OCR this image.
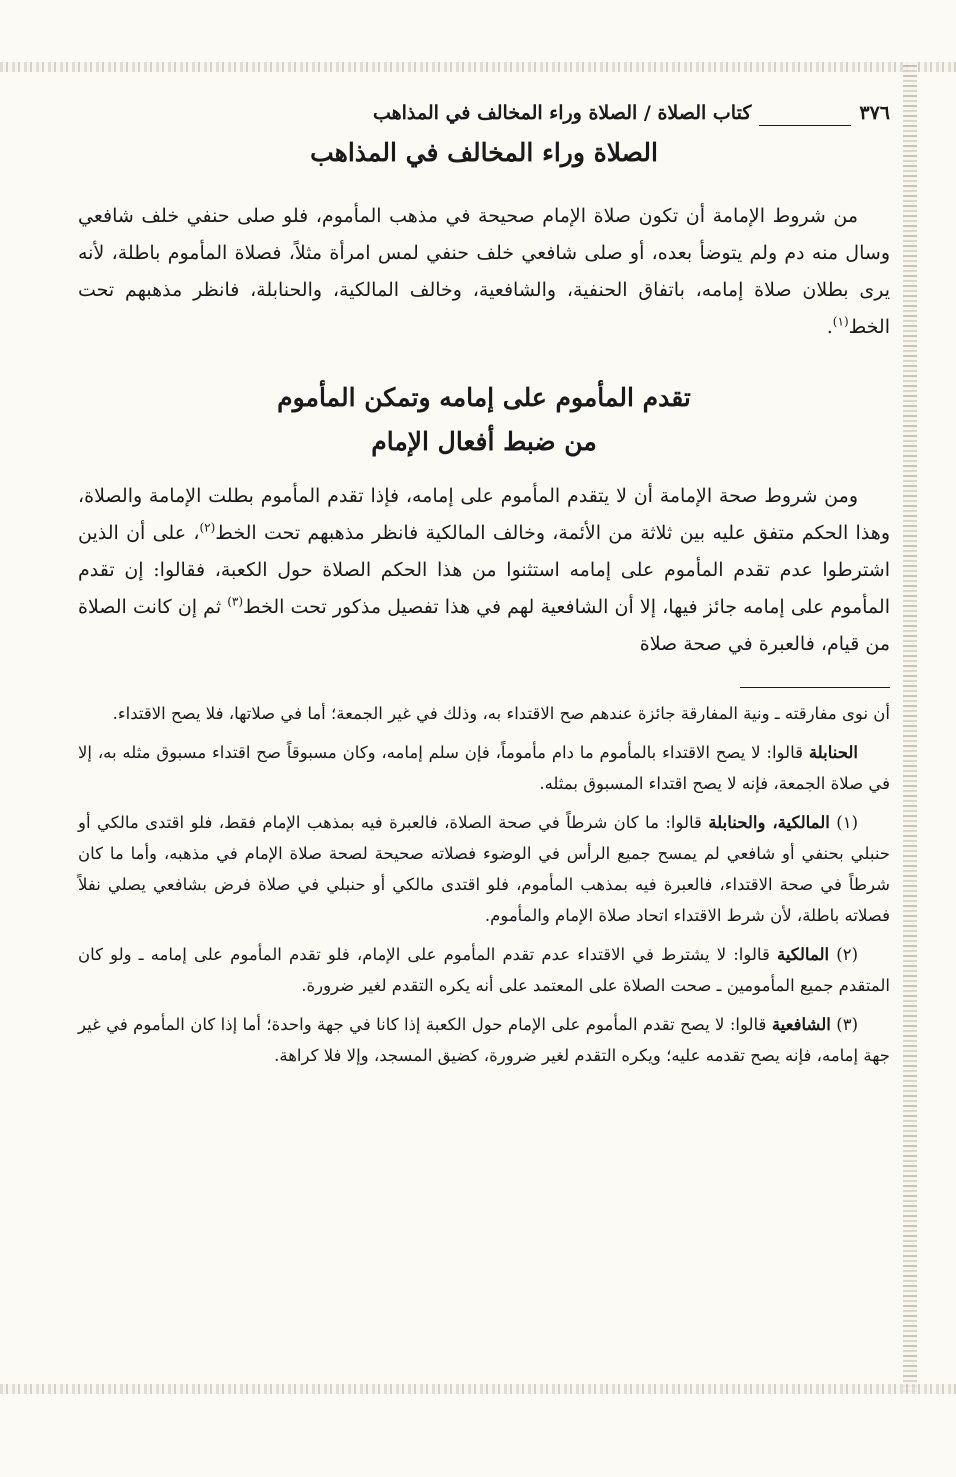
٣٧٦
كتاب الصلاة / الصلاة وراء المخالف في المذاهب
الصلاة وراء المخالف في المذاهب

من شروط الإمامة أن تكون صلاة الإمام صحيحة في مذهب المأموم، فلو صلى حنفي خلف شافعي وسال منه دم ولم يتوضأ بعده، أو صلى شافعي خلف حنفي لمس امرأة مثلاً، فصلاة المأموم باطلة، لأنه يرى بطلان صلاة إمامه، باتفاق الحنفية، والشافعية، وخالف المالكية، والحنابلة، فانظر مذهبهم تحت الخط$^{(١)}$.

تقدم المأموم على إمامه وتمكن المأموم
من ضبط أفعال الإمام

ومن شروط صحة الإمامة أن لا يتقدم المأموم على إمامه، فإذا تقدم المأموم بطلت الإمامة والصلاة، وهذا الحكم متفق عليه بين ثلاثة من الأئمة، وخالف المالكية فانظر مذهبهم تحت الخط$^{(٢)}$، على أن الذين اشترطوا عدم تقدم المأموم على إمامه استثنوا من هذا الحكم الصلاة حول الكعبة، فقالوا: إن تقدم المأموم على إمامه جائز فيها، إلا أن الشافعية لهم في هذا تفصيل مذكور تحت الخط$^{(٣)}$ ثم إن كانت الصلاة من قيام، فالعبرة في صحة صلاة

أن نوى مفارقته ـ ونية المفارقة جائزة عندهم صح الاقتداء به، وذلك في غير الجمعة؛ أما في صلاتها، فلا يصح الاقتداء.

الحنابلة قالوا: لا يصح الاقتداء بالمأموم ما دام مأموماً، فإن سلم إمامه، وكان مسبوقاً صح اقتداء مسبوق مثله به، إلا في صلاة الجمعة، فإنه لا يصح اقتداء المسبوق بمثله.

(١) المالكية، والحنابلة قالوا: ما كان شرطاً في صحة الصلاة، فالعبرة فيه بمذهب الإمام فقط، فلو اقتدى مالكي أو حنبلي بحنفي أو شافعي لم يمسح جميع الرأس في الوضوء فصلاته صحيحة لصحة صلاة الإمام في مذهبه، وأما ما كان شرطاً في صحة الاقتداء، فالعبرة فيه بمذهب المأموم، فلو اقتدى مالكي أو حنبلي في صلاة فرض بشافعي يصلي نفلاً فصلاته باطلة، لأن شرط الاقتداء اتحاد صلاة الإمام والمأموم.

(٢) المالكية قالوا: لا يشترط في الاقتداء عدم تقدم المأموم على الإمام، فلو تقدم المأموم على إمامه ـ ولو كان المتقدم جميع المأمومين ـ صحت الصلاة على المعتمد على أنه يكره التقدم لغير ضرورة.

(٣) الشافعية قالوا: لا يصح تقدم المأموم على الإمام حول الكعبة إذا كانا في جهة واحدة؛ أما إذا كان المأموم في غير جهة إمامه، فإنه يصح تقدمه عليه؛ ويكره التقدم لغير ضرورة، كضيق المسجد، وإلا فلا كراهة.
